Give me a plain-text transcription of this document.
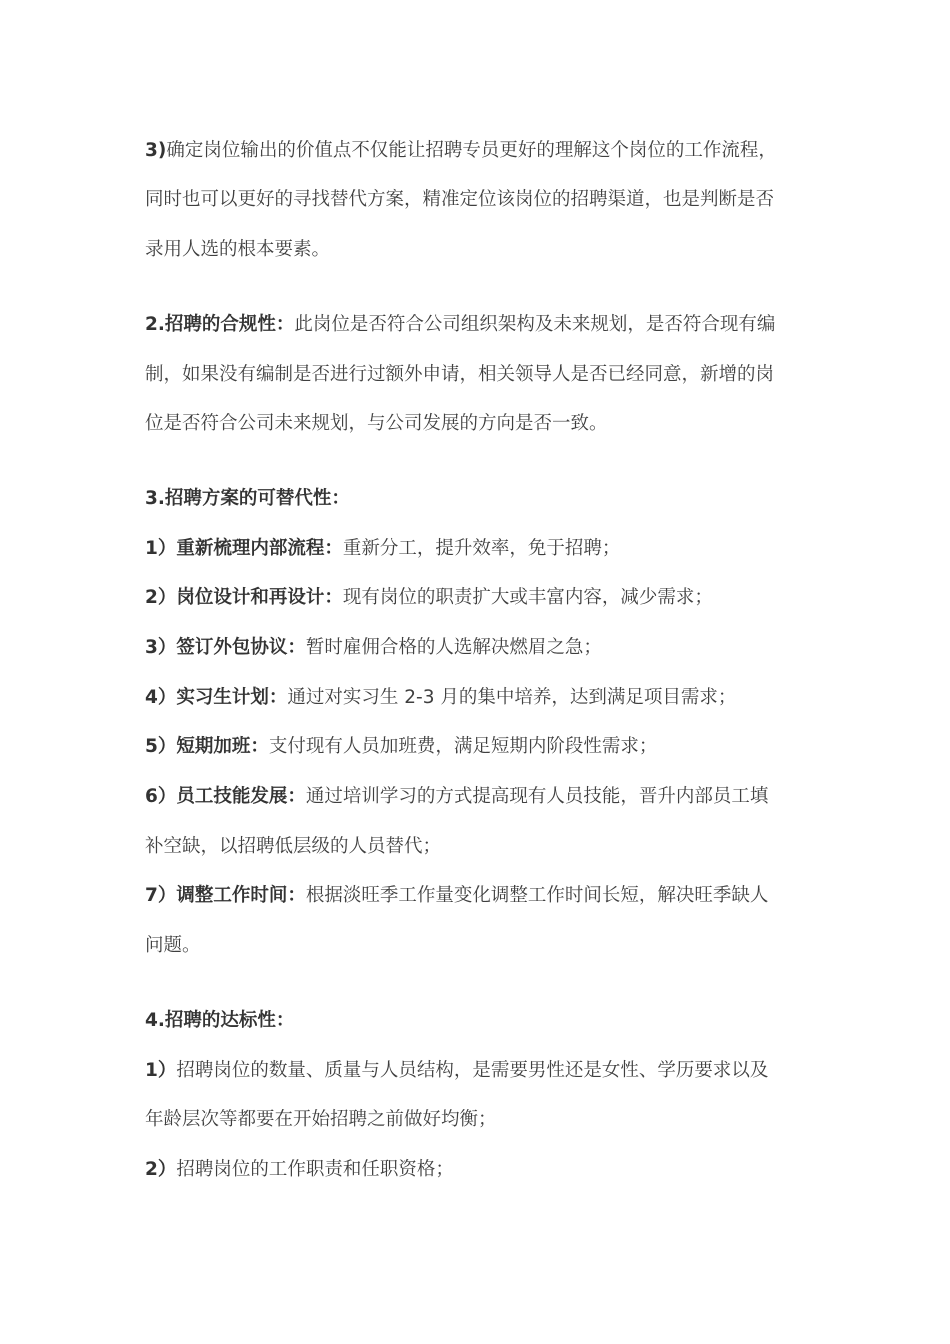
3)确定岗位输出的价值点不仅能让招聘专员更好的理解这个岗位的工作流程，
同时也可以更好的寻找替代方案，精准定位该岗位的招聘渠道，也是判断是否
录用人选的根本要素。
2.招聘的合规性：此岗位是否符合公司组织架构及未来规划，是否符合现有编
制，如果没有编制是否进行过额外申请，相关领导人是否已经同意，新增的岗
位是否符合公司未来规划，与公司发展的方向是否一致。
3.招聘方案的可替代性：
1）重新梳理内部流程：重新分工，提升效率，免于招聘；
2）岗位设计和再设计：现有岗位的职责扩大或丰富内容，减少需求；
3）签订外包协议：暂时雇佣合格的人选解决燃眉之急；
4）实习生计划：通过对实习生 2-3 月的集中培养，达到满足项目需求；
5）短期加班：支付现有人员加班费，满足短期内阶段性需求；
6）员工技能发展：通过培训学习的方式提高现有人员技能，晋升内部员工填
补空缺，以招聘低层级的人员替代；
7）调整工作时间：根据淡旺季工作量变化调整工作时间长短，解决旺季缺人
问题。
4.招聘的达标性：
1）招聘岗位的数量、质量与人员结构，是需要男性还是女性、学历要求以及
年龄层次等都要在开始招聘之前做好均衡；
2）招聘岗位的工作职责和任职资格；
